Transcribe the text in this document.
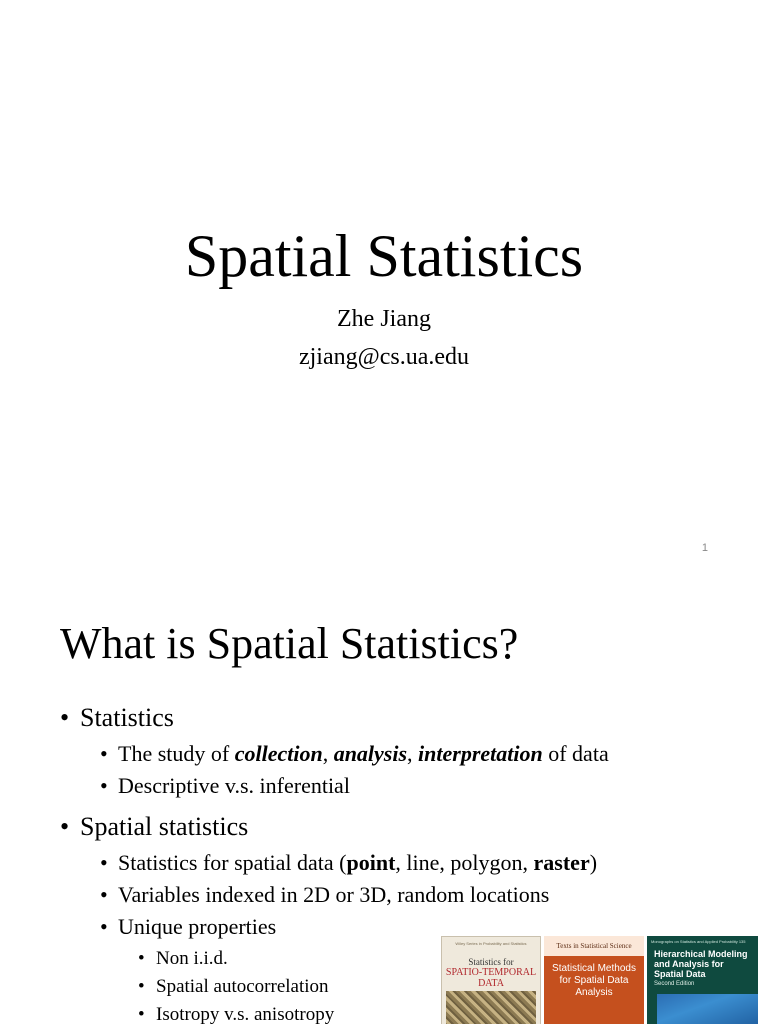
Spatial Statistics
Zhe Jiang
zjiang@cs.ua.edu
1
What is Spatial Statistics?
• Statistics
• The study of collection, analysis, interpretation of data
• Descriptive v.s. inferential
• Spatial statistics
• Statistics for spatial data (point, line, polygon, raster)
• Variables indexed in 2D or 3D, random locations
• Unique properties
• Non i.i.d.
• Spatial autocorrelation
• Isotropy v.s. anisotropy
Wiley Series in Probability and Statistics
Statistics for
SPATIO-TEMPORAL DATA
Texts in Statistical Science
Statistical Methods for Spatial Data Analysis
Monographs on Statistics and Applied Probability 135
Hierarchical Modeling and Analysis for Spatial Data
Second Edition
